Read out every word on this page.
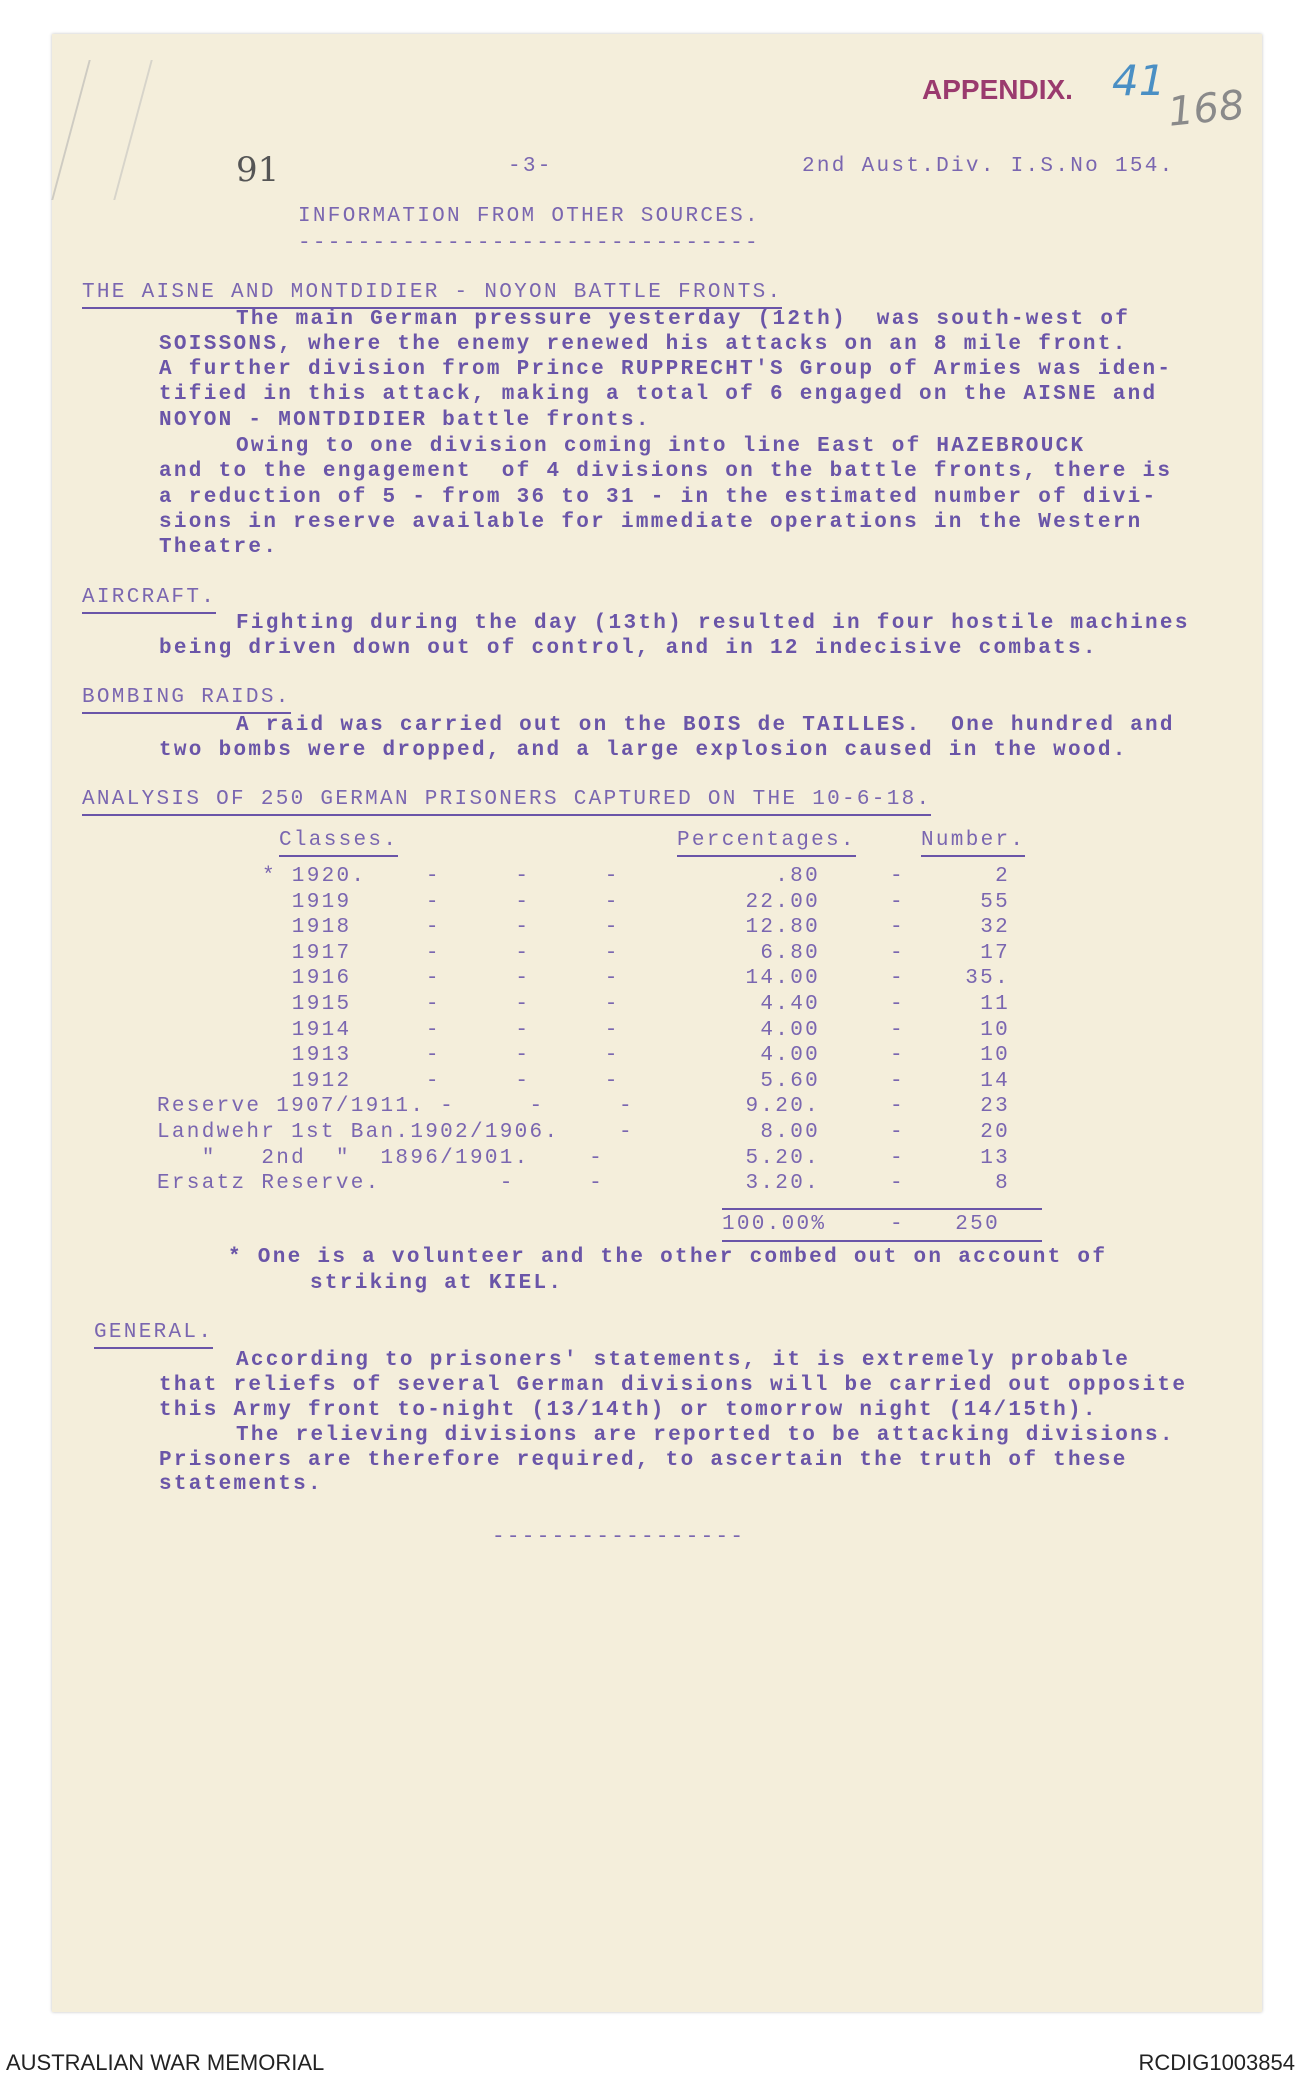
APPENDIX. 41
168
91	-3-	2nd Aust.Div. I.S.No 154.
INFORMATION FROM OTHER SOURCES.
-------------------------------
THE AISNE AND MONTDIDIER - NOYON BATTLE FRONTS.
The main German pressure yesterday (12th)  was south-west of
SOISSONS, where the enemy renewed his attacks on an 8 mile front.
A further division from Prince RUPPRECHT'S Group of Armies was iden-
tified in this attack, making a total of 6 engaged on the AISNE and
NOYON - MONTDIDIER battle fronts.
Owing to one division coming into line East of HAZEBROUCK
and to the engagement  of 4 divisions on the battle fronts, there is
a reduction of 5 - from 36 to 31 - in the estimated number of divi-
sions in reserve available for immediate operations in the Western
Theatre.
AIRCRAFT.
Fighting during the day (13th) resulted in four hostile machines
being driven down out of control, and in 12 indecisive combats.
BOMBING RAIDS.
A raid was carried out on the BOIS de TAILLES.  One hundred and
two bombs were dropped, and a large explosion caused in the wood.
ANALYSIS OF 250 GERMAN PRISONERS CAPTURED ON THE 10-6-18.
Classes.	Percentages.	Number.
* 1920.    -     -     -	.80	-	2
1919     -     -     -	22.00	-	55
1918     -     -     -	12.80	-	32
1917     -     -     -	6.80	-	17
1916     -     -     -	14.00	-	35.
1915     -     -     -	4.40	-	11
1914     -     -     -	4.00	-	10
1913     -     -     -	4.00	-	10
1912     -     -     -	5.60	-	14
Reserve 1907/1911. -     -     -	9.20.	-	23
Landwehr 1st Ban.1902/1906.    -	8.00	-	20
"   2nd  "  1896/1901.    -	5.20.	-	13
Ersatz Reserve.        -     -	3.20.	-	8
100.00%	-	250
* One is a volunteer and the other combed out on account of
striking at KIEL.
GENERAL.
According to prisoners' statements, it is extremely probable
that reliefs of several German divisions will be carried out opposite
this Army front to-night (13/14th) or tomorrow night (14/15th).
The relieving divisions are reported to be attacking divisions.
Prisoners are therefore required, to ascertain the truth of these
statements.
-----------------
AUSTRALIAN WAR MEMORIAL	RCDIG1003854
